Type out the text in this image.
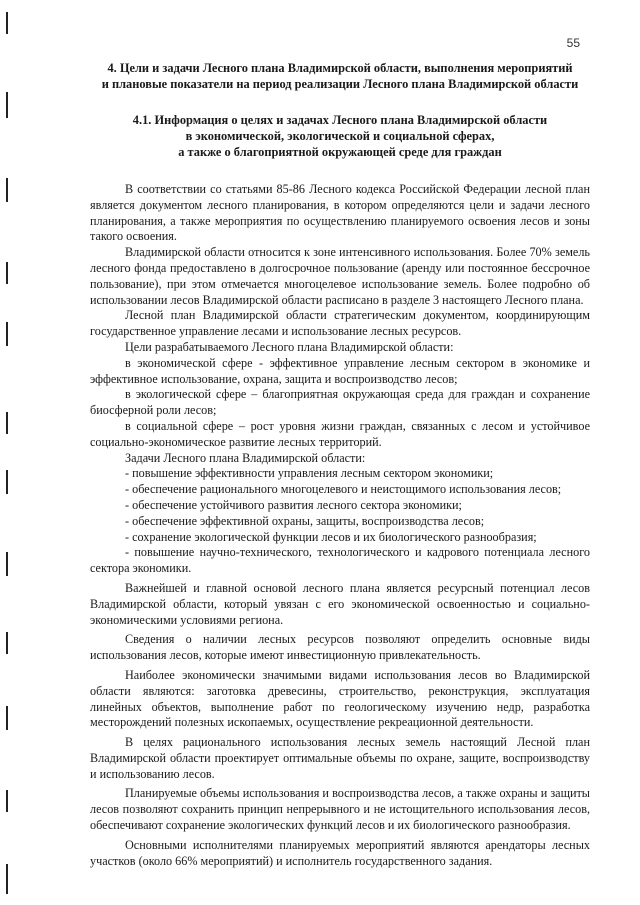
55
4. Цели и задачи Лесного плана Владимирской области, выполнения мероприятий
и плановые показатели на период реализации Лесного плана Владимирской области
4.1. Информация о целях и задачах Лесного плана Владимирской области
в экономической, экологической и социальной сферах,
а также о благоприятной окружающей среде для граждан

В соответствии со статьями 85-86 Лесного кодекса Российской Федерации лесной план является документом лесного планирования, в котором определяются цели и задачи лесного планирования, а также мероприятия по осуществлению планируемого освоения лесов и зоны такого освоения.

Владимирской области относится к зоне интенсивного использования. Более 70% земель лесного фонда предоставлено в долгосрочное пользование (аренду или постоянное бессрочное пользование), при этом отмечается многоцелевое использование земель. Более подробно об использовании лесов Владимирской области расписано в разделе 3 настоящего Лесного плана.

Лесной план Владимирской области стратегическим документом, координирующим государственное управление лесами и использование лесных ресурсов.

Цели разрабатываемого Лесного плана Владимирской области:

в экономической сфере - эффективное управление лесным сектором в экономике и эффективное использование, охрана, защита и воспроизводство лесов;

в экологической сфере – благоприятная окружающая среда для граждан и сохранение биосферной роли лесов;

в социальной сфере – рост уровня жизни граждан, связанных с лесом и устойчивое социально-экономическое развитие лесных территорий.

Задачи Лесного плана Владимирской области:

- повышение эффективности управления лесным сектором экономики;

- обеспечение рационального многоцелевого и неистощимого использования лесов;

- обеспечение устойчивого развития лесного сектора экономики;

- обеспечение эффективной охраны, защиты, воспроизводства лесов;

- сохранение экологической функции лесов и их биологического разнообразия;

- повышение научно-технического, технологического и кадрового потенциала лесного сектора экономики.

Важнейшей и главной основой лесного плана является ресурсный потенциал лесов Владимирской области, который увязан с его экономической освоенностью и социально-экономическими условиями региона.

Сведения о наличии лесных ресурсов позволяют определить основные виды использования лесов, которые имеют инвестиционную привлекательность.

Наиболее экономически значимыми видами использования лесов во Владимирской области являются: заготовка древесины, строительство, реконструкция, эксплуатация линейных объектов, выполнение работ по геологическому изучению недр, разработка месторождений полезных ископаемых, осуществление рекреационной деятельности.

В целях рационального использования лесных земель настоящий Лесной план Владимирской области проектирует оптимальные объемы по охране, защите, воспроизводству и использованию лесов.

Планируемые объемы использования и воспроизводства лесов, а также охраны и защиты лесов позволяют сохранить принцип непрерывного и не истощительного использования лесов, обеспечивают сохранение экологических функций лесов и их биологического разнообразия.

Основными исполнителями планируемых мероприятий являются арендаторы лесных участков (около 66% мероприятий) и исполнитель государственного задания.
